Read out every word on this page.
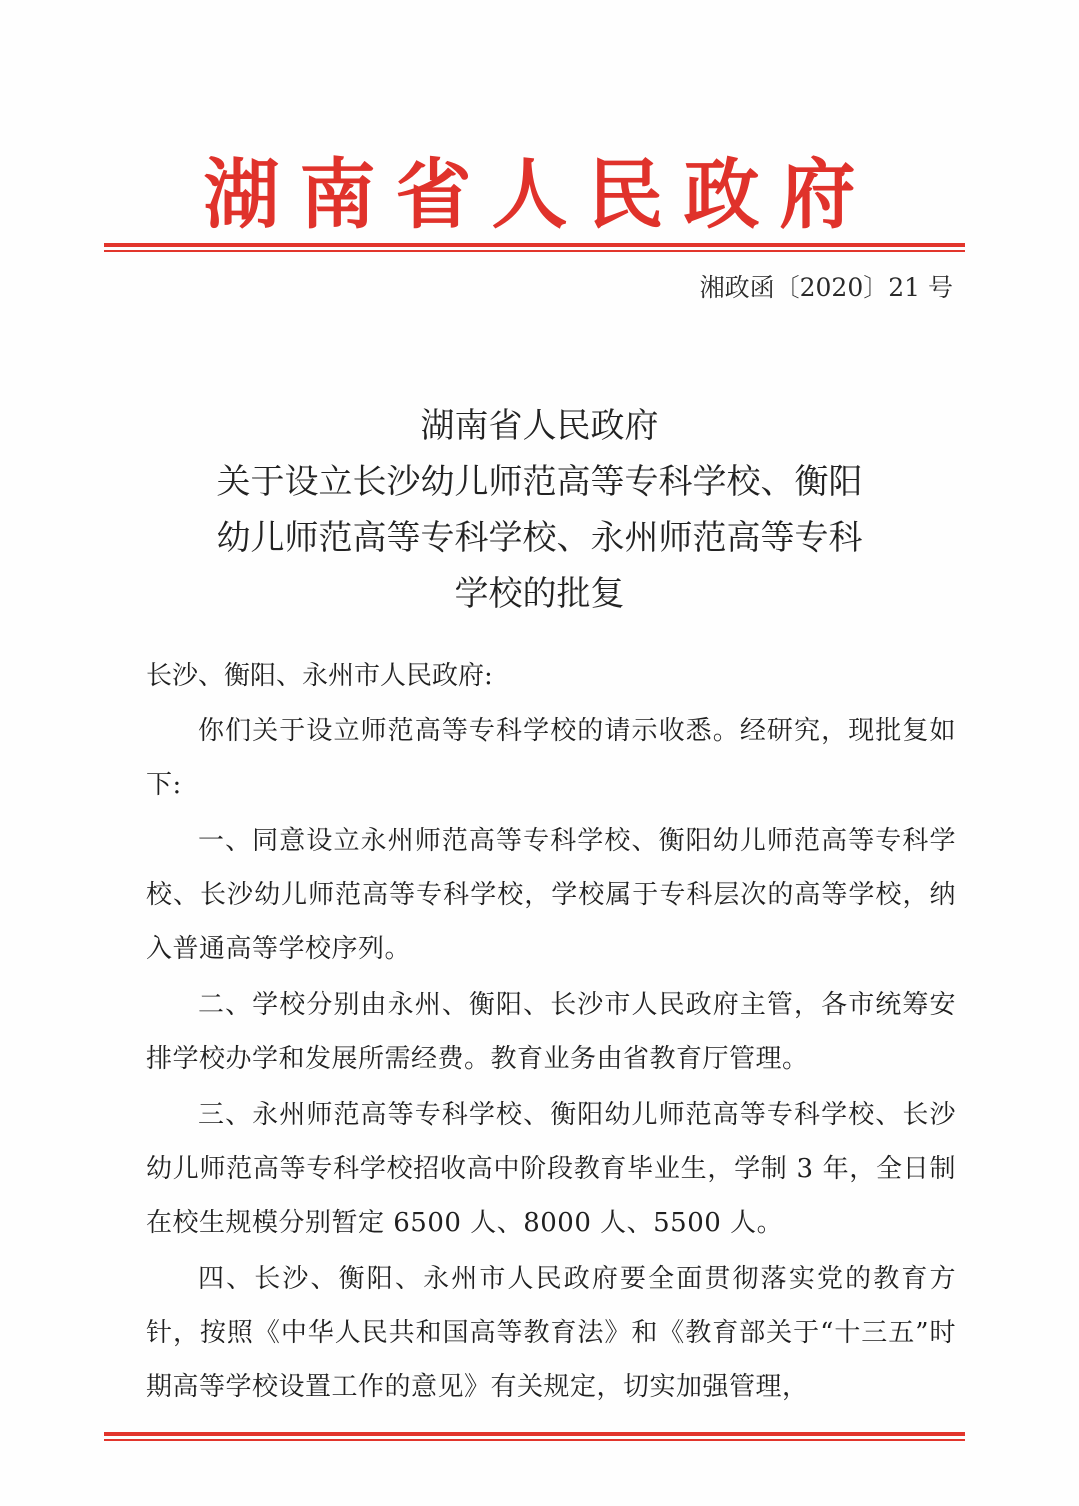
湖南省人民政府
湘政函〔2020〕21 号
湖南省人民政府
关于设立长沙幼儿师范高等专科学校、衡阳
幼儿师范高等专科学校、永州师范高等专科
学校的批复
长沙、衡阳、永州市人民政府:

你们关于设立师范高等专科学校的请示收悉。经研究，现批复如下:

一、同意设立永州师范高等专科学校、衡阳幼儿师范高等专科学校、长沙幼儿师范高等专科学校，学校属于专科层次的高等学校，纳入普通高等学校序列。

二、学校分别由永州、衡阳、长沙市人民政府主管，各市统筹安排学校办学和发展所需经费。教育业务由省教育厅管理。

三、永州师范高等专科学校、衡阳幼儿师范高等专科学校、长沙幼儿师范高等专科学校招收高中阶段教育毕业生，学制 3 年，全日制在校生规模分别暂定 6500 人、8000 人、5500 人。

四、长沙、衡阳、永州市人民政府要全面贯彻落实党的教育方针，按照《中华人民共和国高等教育法》和《教育部关于“十三五”时期高等学校设置工作的意见》有关规定，切实加强管理，
